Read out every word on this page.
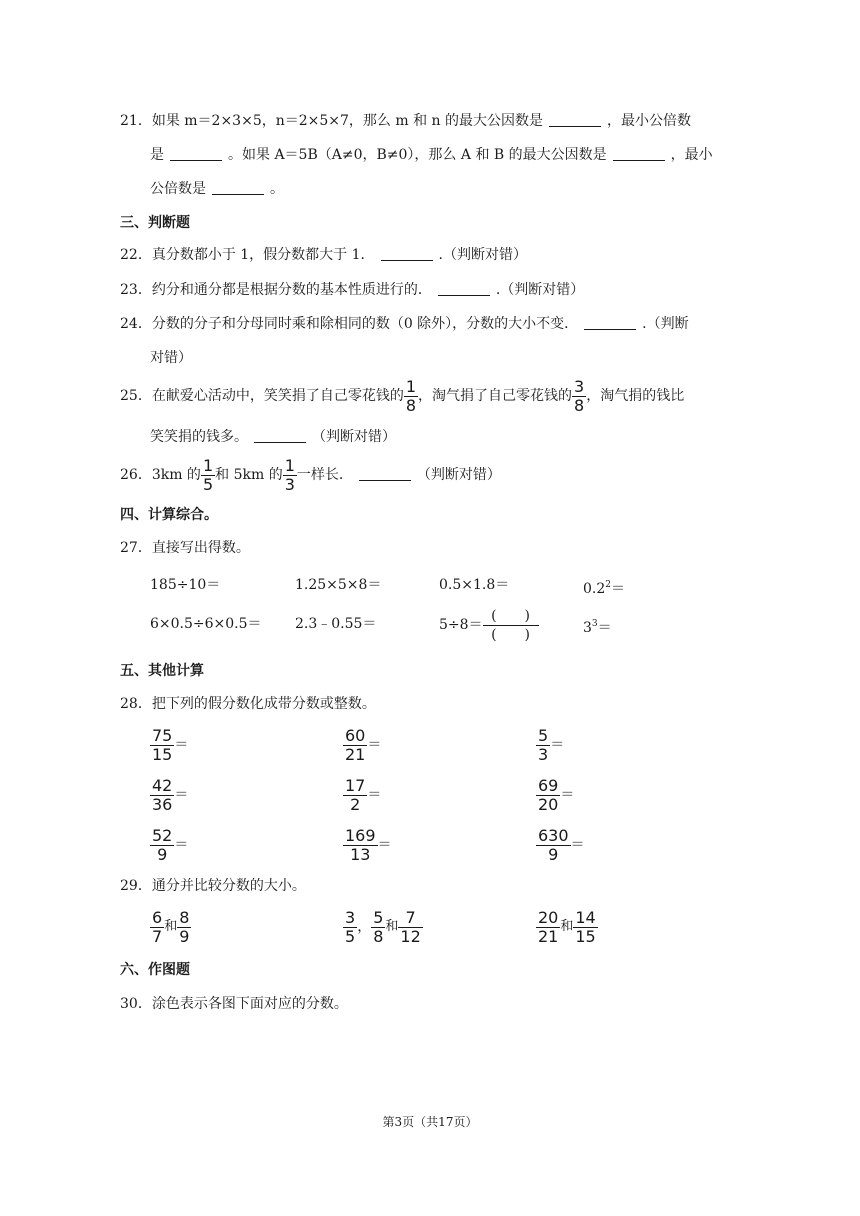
21．如果 m＝2×3×5，n＝2×5×7，那么 m 和 n 的最大公因数是	，最小公倍数
是	。如果 A＝5B（A≠0，B≠0），那么 A 和 B 的最大公因数是	，最小
公倍数是	。
三、判断题
22．真分数都小于 1，假分数都大于 1．	.（判断对错）
23．约分和通分都是根据分数的基本性质进行的．	.（判断对错）
24．分数的分子和分母同时乘和除相同的数（0 除外），分数的大小不变．	.（判断
对错）
25．在献爱心活动中，笑笑捐了自己零花钱的 $\frac{1}{8}$ ，淘气捐了自己零花钱的 $\frac{3}{8}$ ，淘气捐的钱比
笑笑捐的钱多。	（判断对错）
26．3km 的 $\frac{1}{5}$ 和 5km 的 $\frac{1}{3}$ 一样长．	（判断对错）
四、计算综合。
27．直接写出得数。
185÷10＝	1.25×5×8＝	0.5×1.8＝	$0.2^2=$
6×0.5÷6×0.5＝ 2.3﹣0.55＝	$5\div 8= \frac{( )}{( )}$	$3^3=$
五、其他计算
28．把下列的假分数化成带分数或整数。
$\frac{75}{15}$ ＝	$\frac{60}{21}$ ＝	$\frac{5}{3}$ ＝
$\frac{42}{36}$ ＝	$\frac{17}{2}$ ＝	$\frac{69}{20}$ ＝
$\frac{52}{9}$ ＝	$\frac{169}{13}$ ＝	$\frac{630}{9}$ ＝
29．通分并比较分数的大小。
$\frac{6}{7}$ 和 $\frac{8}{9}$	$\frac{3}{5}$ ， $\frac{5}{8}$ 和 $\frac{7}{12}$	$\frac{20}{21}$ 和 $\frac{14}{15}$
六、作图题
30．涂色表示各图下面对应的分数。
第3页（共17页）
